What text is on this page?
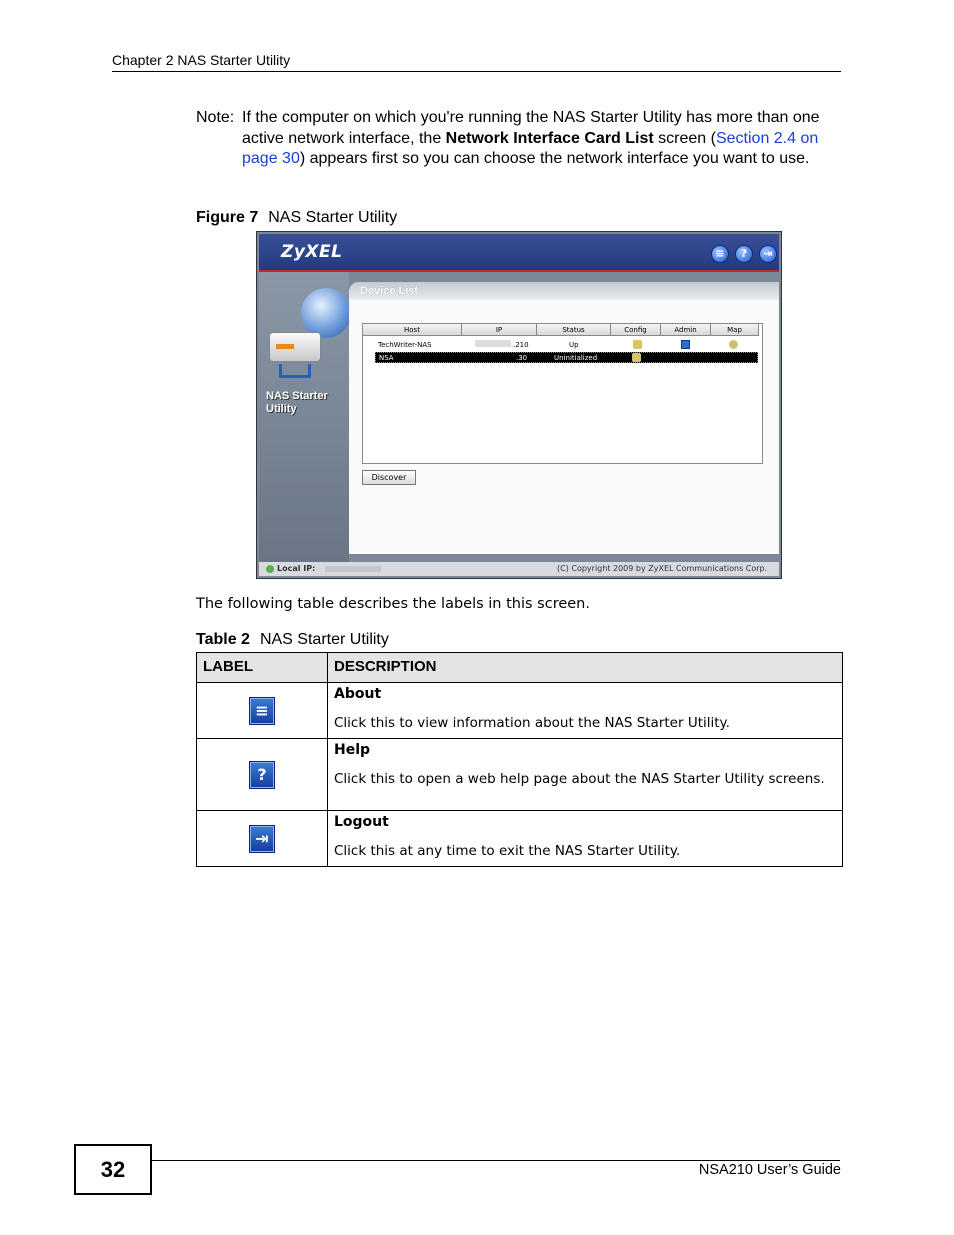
Chapter 2 NAS Starter Utility
Note: If the computer on which you're running the NAS Starter Utility has more than one active network interface, the Network Interface Card List screen (Section 2.4 on page 30) appears first so you can choose the network interface you want to use.
Figure 7 NAS Starter Utility
ZyXEL	≡	?	⇥
NAS Starter
Utility
Device List
Host	IP	Status	Config	Admin	Map
TechWriter-NAS	.210	Up
NSA	.30	Uninitialized
Discover
Local IP:	(C) Copyright 2009 by ZyXEL Communications Corp.
The following table describes the labels in this screen.
Table 2 NAS Starter Utility
LABEL	DESCRIPTION
≡	About
Click this to view information about the NAS Starter Utility.
?	Help
Click this to open a web help page about the NAS Starter Utility screens.
⇥	Logout
Click this at any time to exit the NAS Starter Utility.
32	NSA210 User’s Guide
